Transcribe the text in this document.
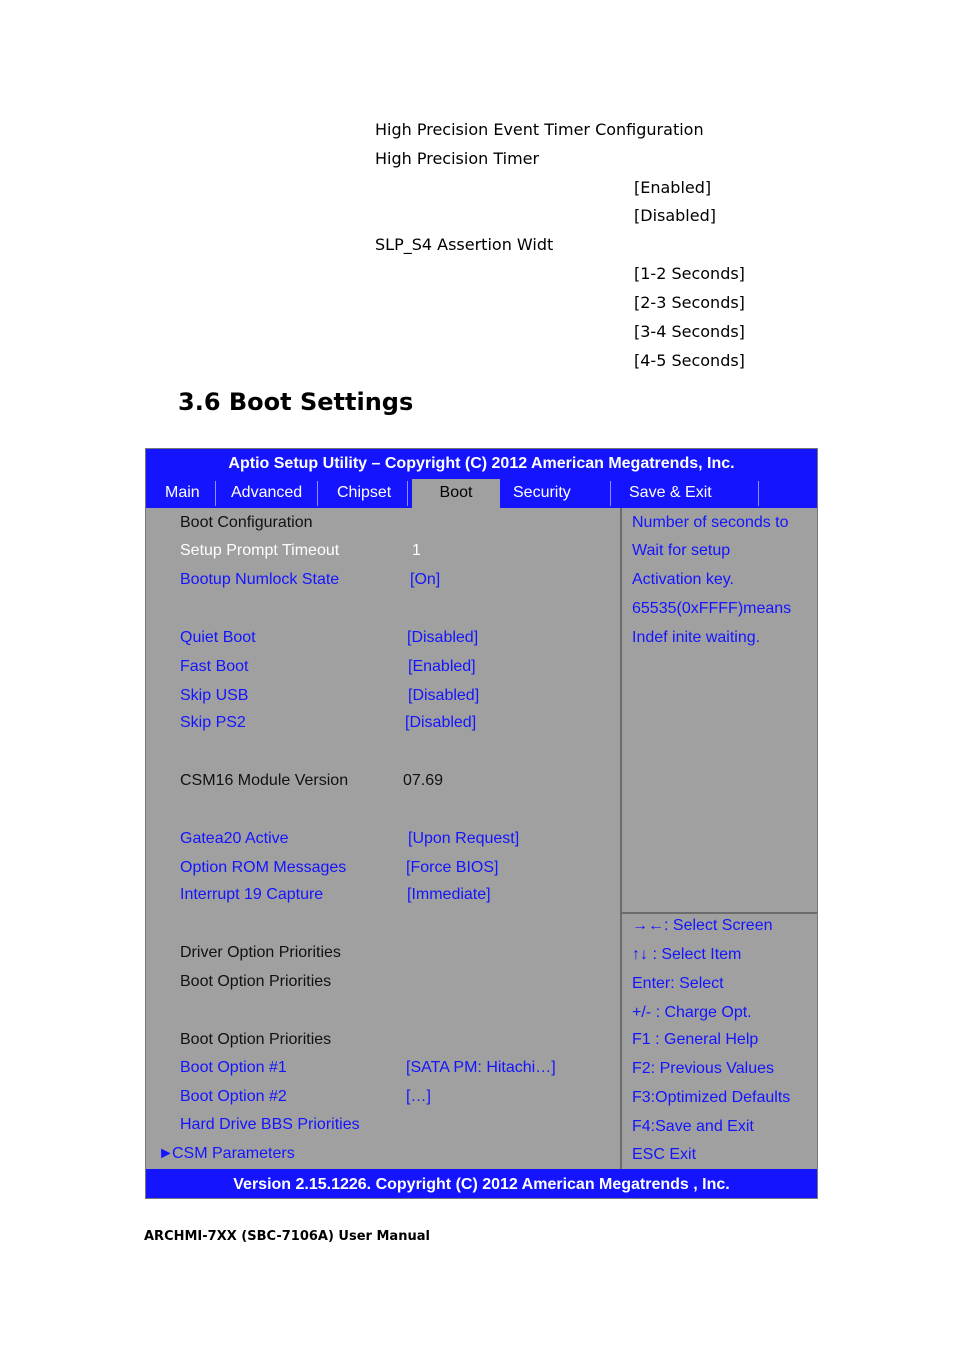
High Precision Event Timer Configuration
High Precision Timer
[Enabled]
[Disabled]
SLP_S4 Assertion Widt
[1-2 Seconds]
[2-3 Seconds]
[3-4 Seconds]
[4-5 Seconds]
3.6 Boot Settings
Aptio Setup Utility – Copyright (C) 2012 American Megatrends, Inc.
Main Advanced Chipset	Boot	Security	Save & Exit
Boot Configuration
Setup Prompt Timeout	1
Bootup Numlock State	[On]
Quiet Boot	[Disabled]
Fast Boot	[Enabled]
Skip USB	[Disabled]
Skip PS2	[Disabled]
CSM16 Module Version	07.69
Gatea20 Active	[Upon Request]
Option ROM Messages	[Force BIOS]
Interrupt 19 Capture	[Immediate]
Driver Option Priorities
Boot Option Priorities
Boot Option Priorities
Boot Option #1	[SATA PM: Hitachi…]
Boot Option #2	[…]
Hard Drive BBS Priorities
►
CSM Parameters
Number of seconds to
Wait for setup
Activation key.
65535(0xFFFF)means
Indef inite waiting.
→←: Select Screen
↑↓ : Select Item
Enter: Select
+/- : Charge Opt.
F1 : General Help
F2: Previous Values
F3:Optimized Defaults
F4:Save and Exit
ESC Exit
Version 2.15.1226. Copyright (C) 2012 American Megatrends , Inc.
ARCHMI-7XX (SBC-7106A) User Manual
